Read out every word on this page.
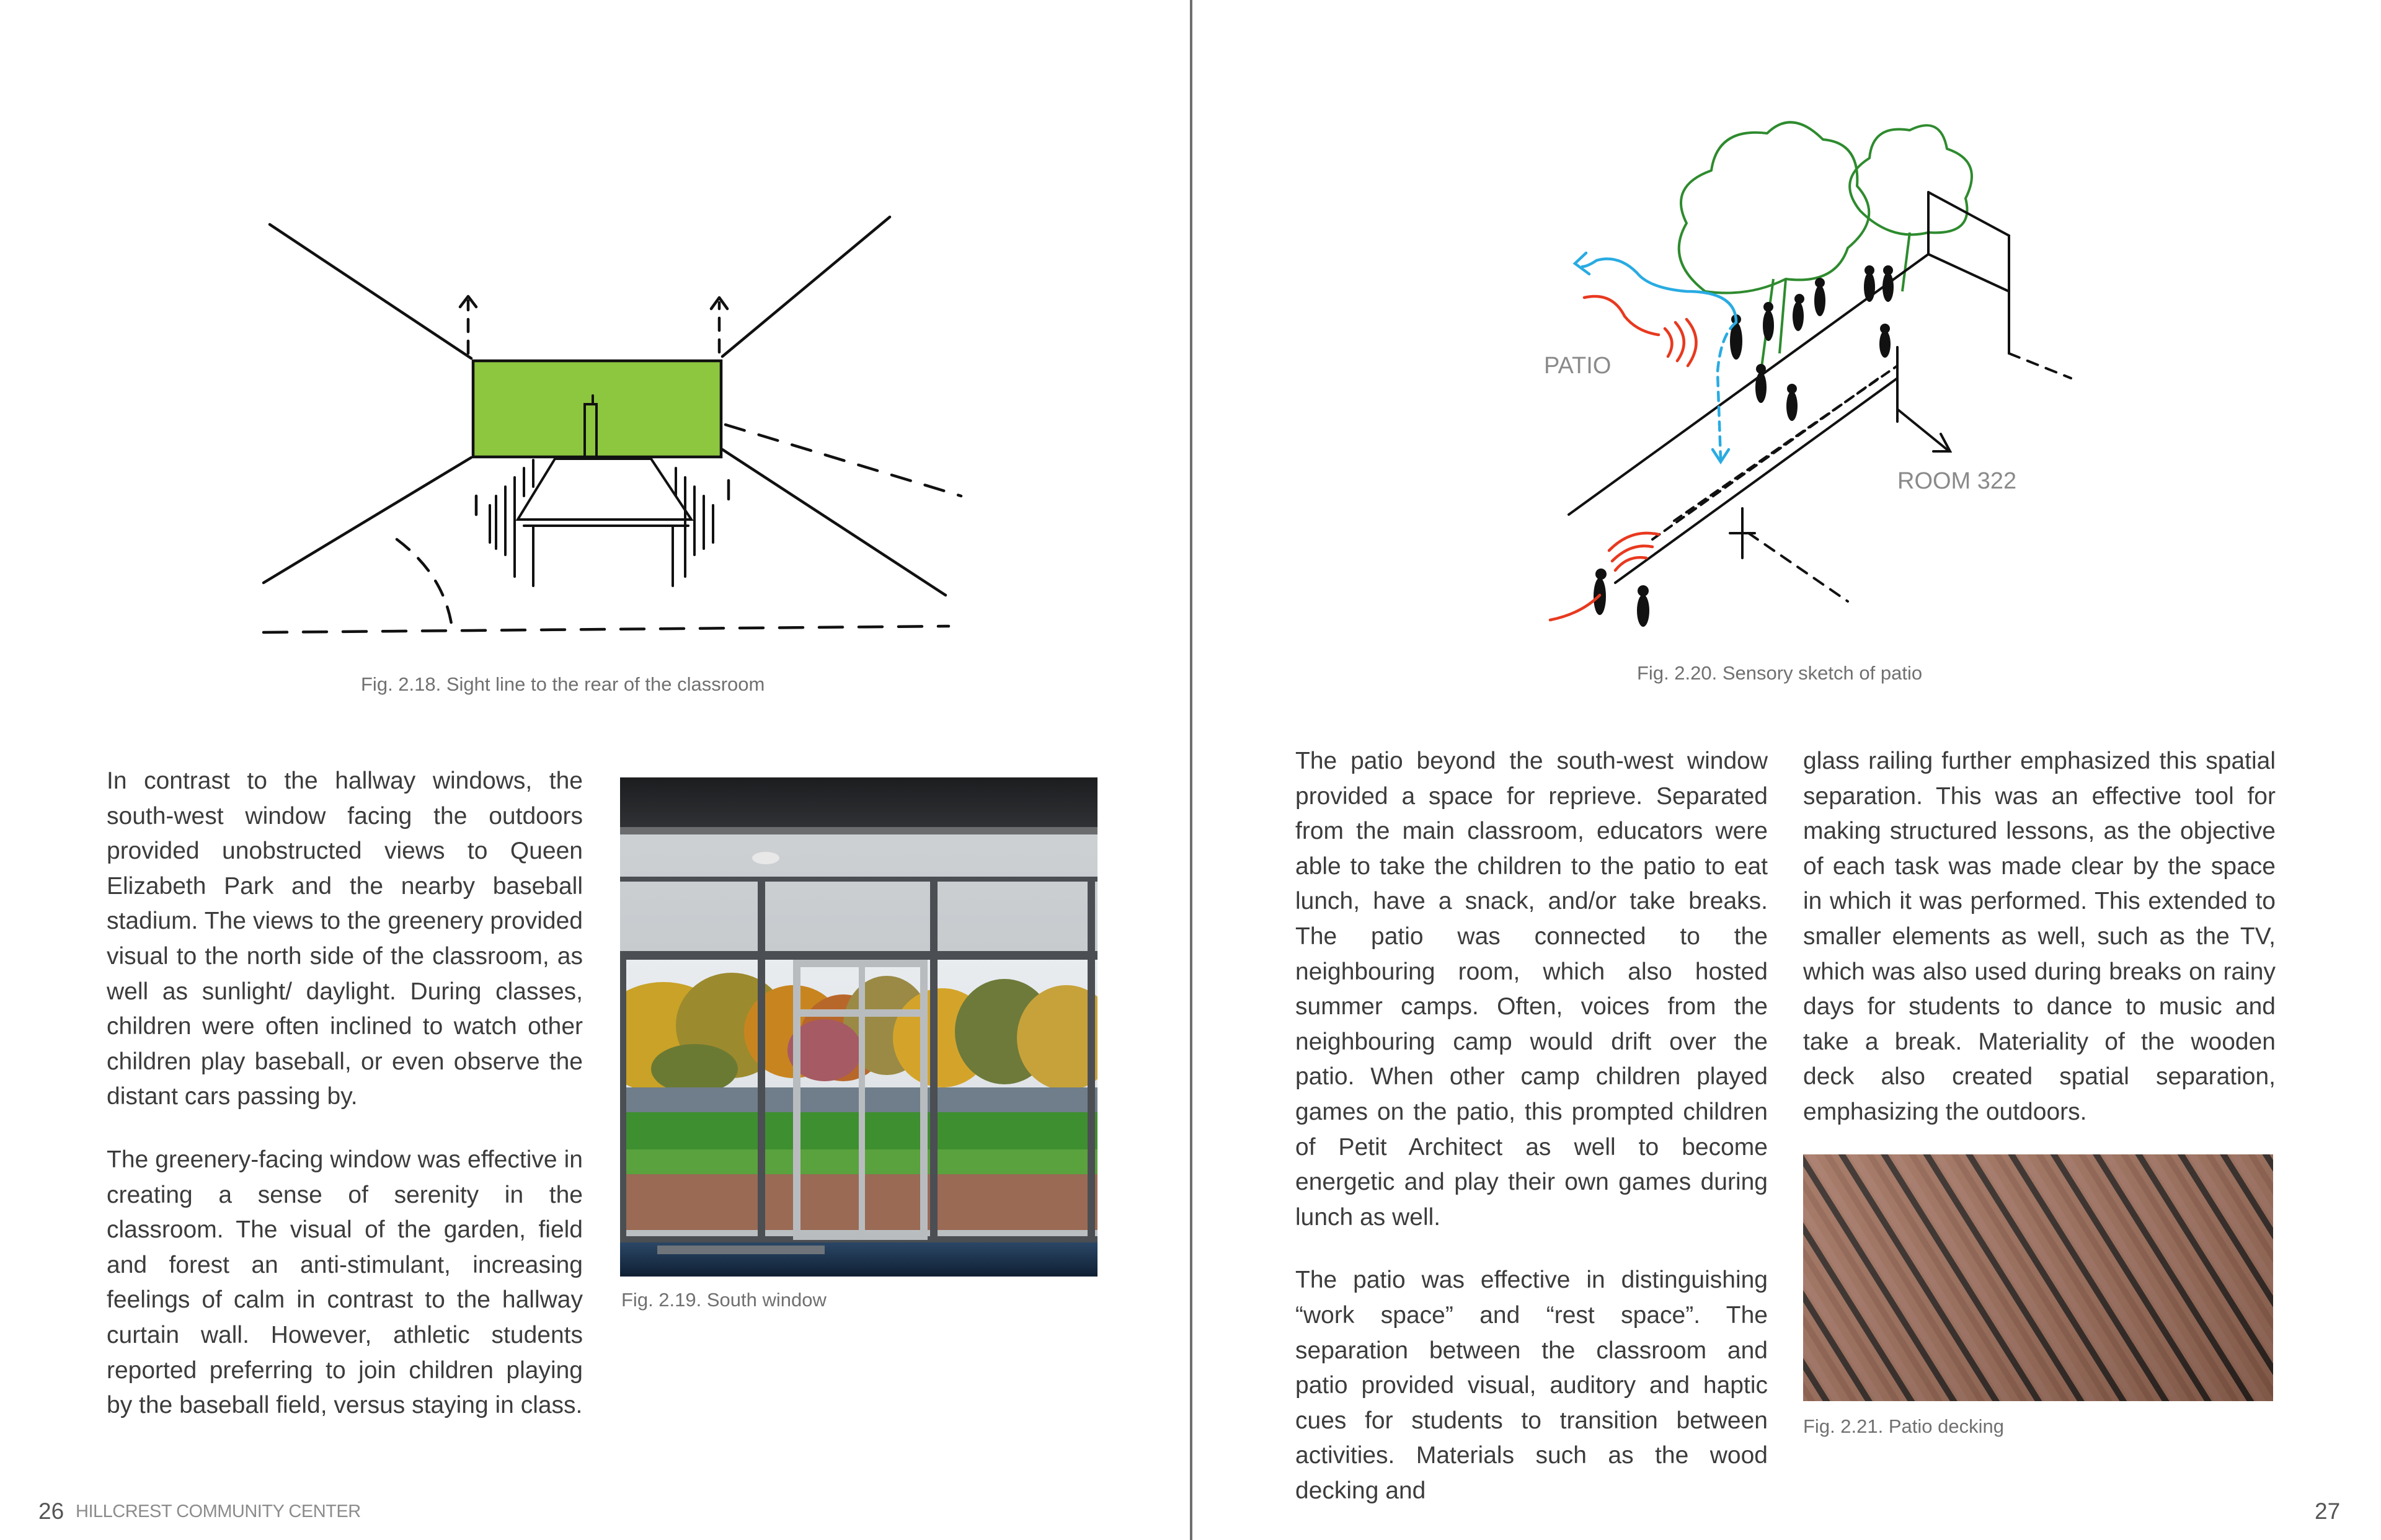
Fig. 2.18. Sight line to the rear of the classroom

In contrast to the hallway windows, the south-west window facing the outdoors provided unobstructed views to Queen Elizabeth Park and the nearby baseball stadium. The views to the greenery provided visual to the north side of the classroom, as well as sunlight/ daylight. During classes, children were often inclined to watch other children play baseball, or even observe the distant cars passing by.

The greenery-facing window was effective in creating a sense of serenity in the classroom. The visual of the garden, field and forest an anti-stimulant, increasing feelings of calm in contrast to the hallway curtain wall. However, athletic students reported preferring to join children playing by the baseball field, versus staying in class.

Fig. 2.19. South window
26 HILLCREST COMMUNITY CENTER
PATIO
ROOM 322
Fig. 2.20. Sensory sketch of patio

The patio beyond the south-west window provided a space for reprieve. Separated from the main classroom, educators were able to take the children to the patio to eat lunch, have a snack, and/or take breaks. The patio was connected to the neighbouring room, which also hosted summer camps. Often, voices from the neighbouring camp would drift over the patio. When other camp children played games on the patio, this prompted children of Petit Architect as well to become energetic and play their own games during lunch as well.

The patio was effective in distinguishing “work space” and “rest space”. The separation between the classroom and patio provided visual, auditory and haptic cues for students to transition between activities. Materials such as the wood decking and

glass railing further emphasized this spatial separation. This was an effective tool for making structured lessons, as the objective of each task was made clear by the space in which it was performed. This extended to smaller elements as well, such as the TV, which was also used during breaks on rainy days for students to dance to music and take a break. Materiality of the wooden deck also created spatial separation, emphasizing the outdoors.

Fig. 2.21. Patio decking
27
